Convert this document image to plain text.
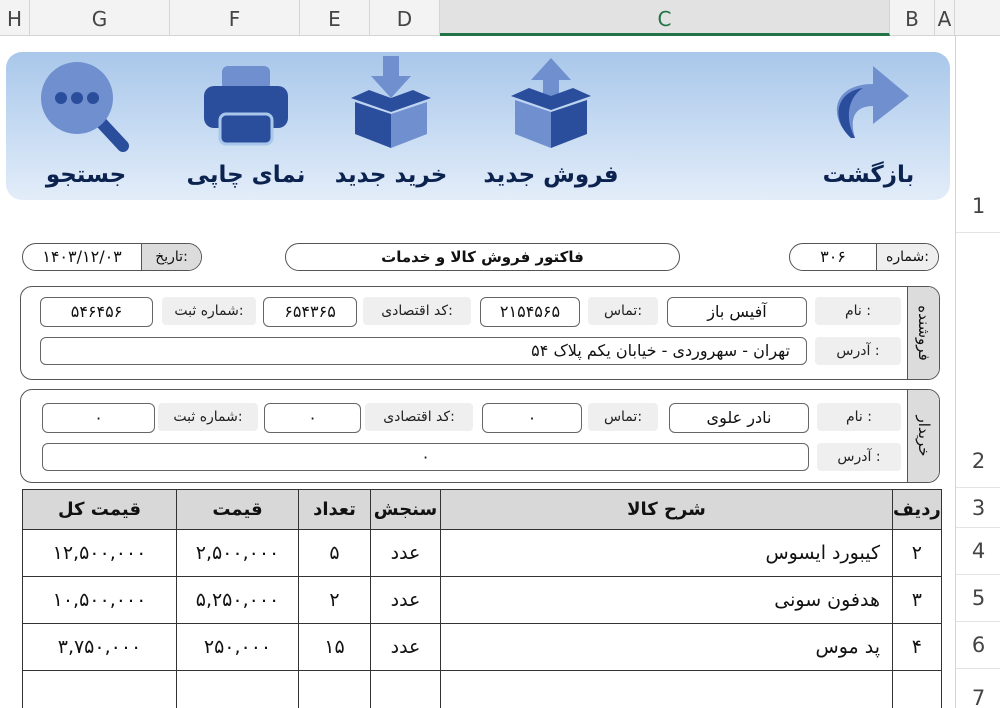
H	G	F	E	D	C	B A
1
2
3
4
5
6
7
بازگشت
فروش جدید
خرید جدید
نمای چاپی
جستجو
شماره:
۳۰۶
فاکتور فروش کالا و خدمات
تاریخ:
۱۴۰۳/۱۲/۰۳
فروشنده
نام :
آفیس باز
تماس:
۲۱۵۴۵۶۵
کد اقتصادی:
۶۵۴۳۶۵
شماره ثبت:
۵۴۶۴۵۶
آدرس :
تهران - سهروردی - خیابان یکم پلاک ۵۴
خریدار
نام :
نادر علوی
تماس:
۰
کد اقتصادی:
۰
شماره ثبت:
۰
آدرس :
۰
ردیف	شرح کالا	سنجش	تعداد	قیمت	قیمت کل
۲	کیبورد ایسوس	عدد	۵	۲,۵۰۰,۰۰۰	۱۲,۵۰۰,۰۰۰
۳	هدفون سونی	عدد	۲	۵,۲۵۰,۰۰۰	۱۰,۵۰۰,۰۰۰
۴	پد موس	عدد	۱۵	۲۵۰,۰۰۰	۳,۷۵۰,۰۰۰
